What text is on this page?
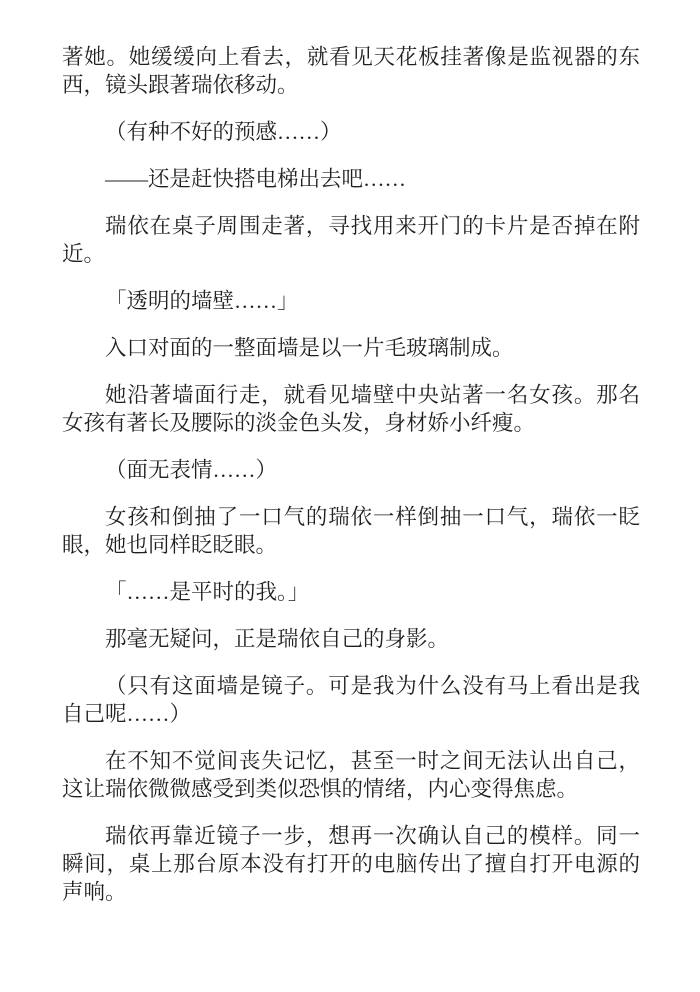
著她。她缓缓向上看去，就看见天花板挂著像是监视器的东西，镜头跟著瑞依移动。

（有种不好的预感……）

——还是赶快搭电梯出去吧……

瑞依在桌子周围走著，寻找用来开门的卡片是否掉在附近。

「透明的墙壁……」

入口对面的一整面墙是以一片毛玻璃制成。

她沿著墙面行走，就看见墙壁中央站著一名女孩。那名女孩有著长及腰际的淡金色头发，身材娇小纤瘦。

（面无表情……）

女孩和倒抽了一口气的瑞依一样倒抽一口气，瑞依一眨眼，她也同样眨眨眼。

「……是平时的我。」

那毫无疑问，正是瑞依自己的身影。

（只有这面墙是镜子。可是我为什么没有马上看出是我自己呢……）

在不知不觉间丧失记忆，甚至一时之间无法认出自己，这让瑞依微微感受到类似恐惧的情绪，内心变得焦虑。

瑞依再靠近镜子一步，想再一次确认自己的模样。同一瞬间，桌上那台原本没有打开的电脑传出了擅自打开电源的声响。
